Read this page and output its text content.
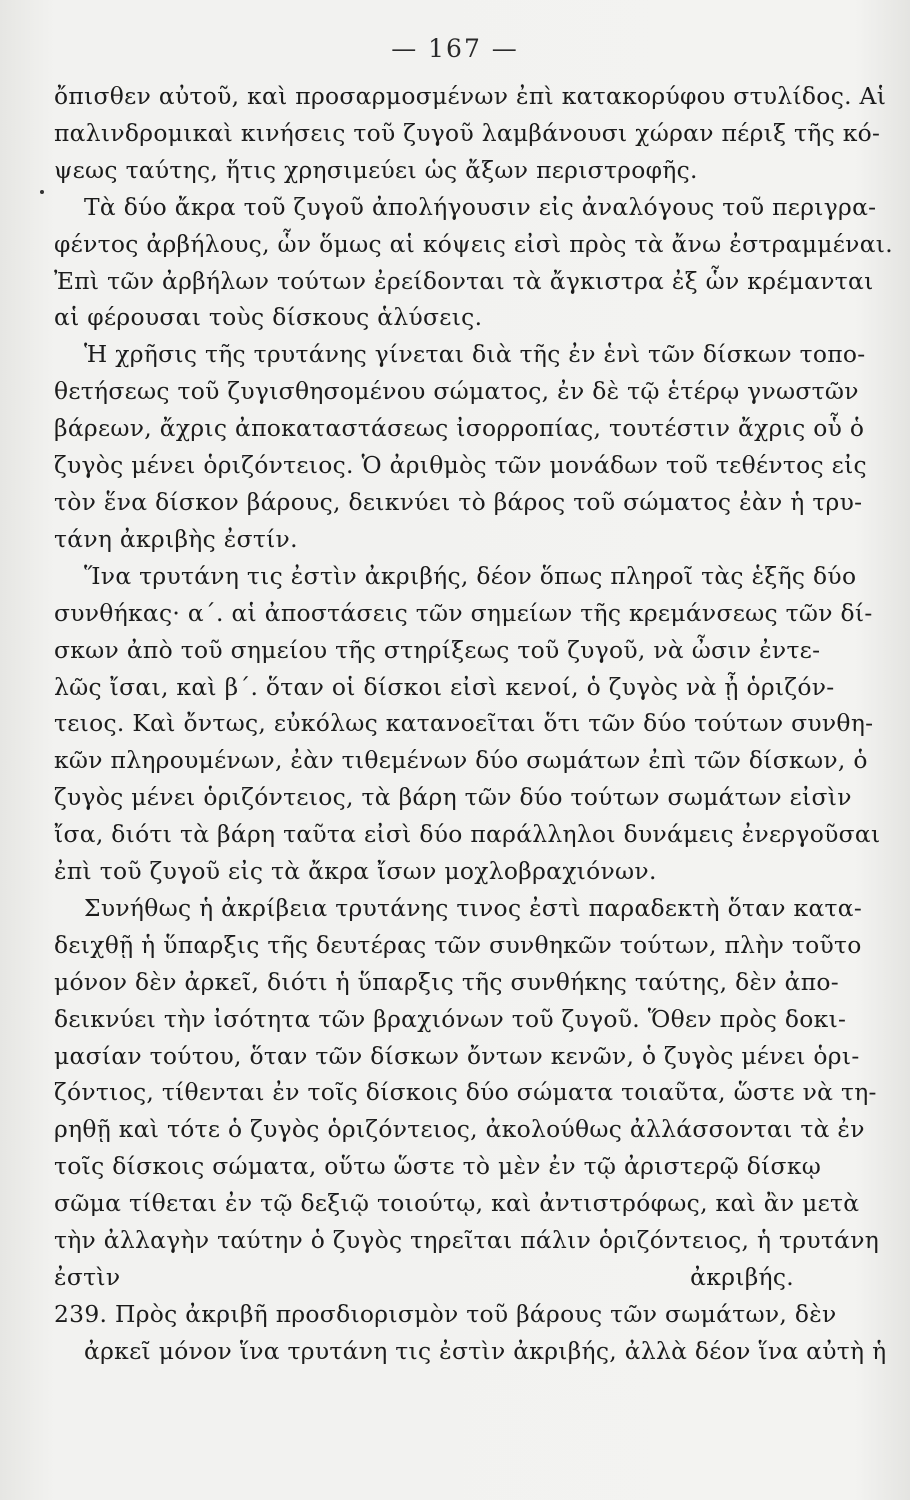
— 167 —
ὄπισθεν αὐτοῦ, καὶ προσαρμοσμένων ἐπὶ κατακορύφου στυλίδος. Αἱ
παλινδρομικαὶ κινήσεις τοῦ ζυγοῦ λαμβάνουσι χώραν πέριξ τῆς κό-
ψεως ταύτης, ἥτις χρησιμεύει ὡς ἄξων περιστροφῆς.
Τὰ δύο ἄκρα τοῦ ζυγοῦ ἀπολήγουσιν εἰς ἀναλόγους τοῦ περιγρα-
φέντος ἀρβήλους, ὧν ὅμως αἱ κόψεις εἰσὶ πρὸς τὰ ἄνω ἐστραμμέναι.
Ἐπὶ τῶν ἀρβήλων τούτων ἐρείδονται τὰ ἄγκιστρα ἐξ ὧν κρέμανται
αἱ φέρουσαι τοὺς δίσκους ἁλύσεις.
Ἡ χρῆσις τῆς τρυτάνης γίνεται διὰ τῆς ἐν ἑνὶ τῶν δίσκων τοπο-
θετήσεως τοῦ ζυγισθησομένου σώματος, ἐν δὲ τῷ ἑτέρῳ γνωστῶν
βάρεων, ἄχρις ἀποκαταστάσεως ἰσορροπίας, τουτέστιν ἄχρις οὗ ὁ
ζυγὸς μένει ὁριζόντειος. Ὁ ἀριθμὸς τῶν μονάδων τοῦ τεθέντος εἰς
τὸν ἕνα δίσκον βάρους, δεικνύει τὸ βάρος τοῦ σώματος ἐὰν ἡ τρυ-
τάνη ἀκριβὴς ἐστίν.
Ἵνα τρυτάνη τις ἐστὶν ἀκριβής, δέον ὅπως πληροῖ τὰς ἑξῆς δύο
συνθήκας· α΄. αἱ ἀποστάσεις τῶν σημείων τῆς κρεμάνσεως τῶν δί-
σκων ἀπὸ τοῦ σημείου τῆς στηρίξεως τοῦ ζυγοῦ, νὰ ὦσιν ἐντε-
λῶς ἴσαι, καὶ β΄. ὅταν οἱ δίσκοι εἰσὶ κενοί, ὁ ζυγὸς νὰ ᾖ ὁριζόν-
τειος. Καὶ ὄντως, εὐκόλως κατανοεῖται ὅτι τῶν δύο τούτων συνθη-
κῶν πληρουμένων, ἐὰν τιθεμένων δύο σωμάτων ἐπὶ τῶν δίσκων, ὁ
ζυγὸς μένει ὁριζόντειος, τὰ βάρη τῶν δύο τούτων σωμάτων εἰσὶν
ἴσα, διότι τὰ βάρη ταῦτα εἰσὶ δύο παράλληλοι δυνάμεις ἐνεργοῦσαι
ἐπὶ τοῦ ζυγοῦ εἰς τὰ ἄκρα ἴσων μοχλοβραχιόνων.
Συνήθως ἡ ἀκρίβεια τρυτάνης τινος ἐστὶ παραδεκτὴ ὅταν κατα-
δειχθῇ ἡ ὕπαρξις τῆς δευτέρας τῶν συνθηκῶν τούτων, πλὴν τοῦτο
μόνον δὲν ἀρκεῖ, διότι ἡ ὕπαρξις τῆς συνθήκης ταύτης, δὲν ἀπο-
δεικνύει τὴν ἰσότητα τῶν βραχιόνων τοῦ ζυγοῦ. Ὅθεν πρὸς δοκι-
μασίαν τούτου, ὅταν τῶν δίσκων ὄντων κενῶν, ὁ ζυγὸς μένει ὁρι-
ζόντιος, τίθενται ἐν τοῖς δίσκοις δύο σώματα τοιαῦτα, ὥστε νὰ τη-
ρηθῇ καὶ τότε ὁ ζυγὸς ὁριζόντειος, ἀκολούθως ἀλλάσσονται τὰ ἐν
τοῖς δίσκοις σώματα, οὕτω ὥστε τὸ μὲν ἐν τῷ ἀριστερῷ δίσκῳ
σῶμα τίθεται ἐν τῷ δεξιῷ τοιούτῳ, καὶ ἀντιστρόφως, καὶ ἂν μετὰ
τὴν ἀλλαγὴν ταύτην ὁ ζυγὸς τηρεῖται πάλιν ὁριζόντειος, ἡ τρυτάνη
ἐστὶν ἀκριβής.
239. Πρὸς ἀκριβῆ προσδιορισμὸν τοῦ βάρους τῶν σωμάτων, δὲν
ἀρκεῖ μόνον ἵνα τρυτάνη τις ἐστὶν ἀκριβής, ἀλλὰ δέον ἵνα αὐτὴ ἡ
